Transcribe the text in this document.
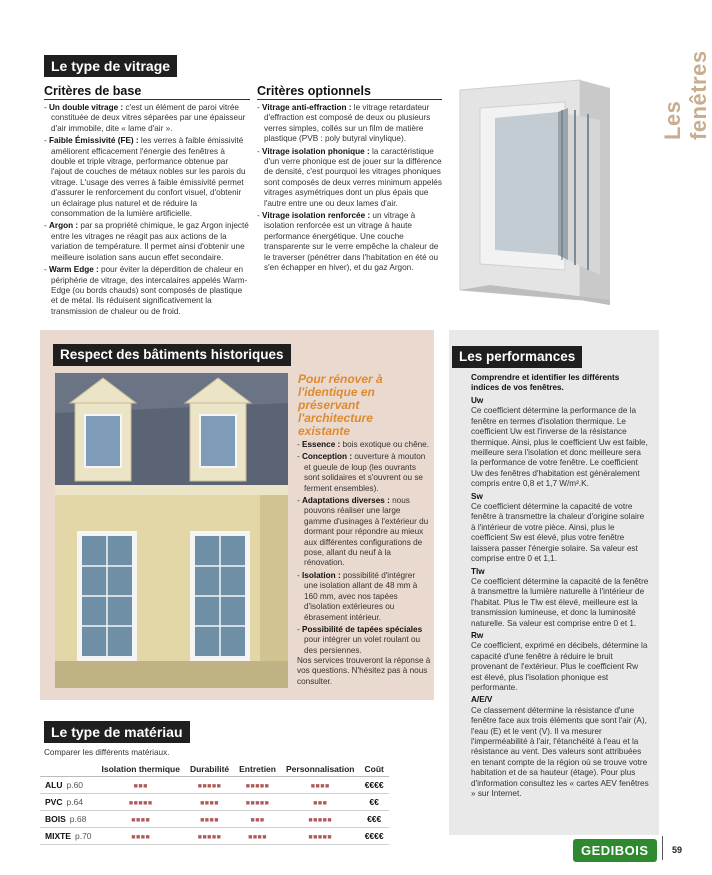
Les fenêtres
Le type de vitrage
Critères de base
- Un double vitrage : c'est un élément de paroi vitrée constituée de deux vitres séparées par une épaisseur d'air immobile, dite « lame d'air ».
- Faible Émissivité (FE) : les verres à faible émissivité améliorent efficacement l'énergie des fenêtres à double et triple vitrage, performance obtenue par l'ajout de couches de métaux nobles sur les parois du vitrage. L'usage des verres à faible émissivité permet d'assurer le renforcement du confort visuel, d'obtenir un éclairage plus naturel et de réduire la consommation de la lumière artificielle.
- Argon : par sa propriété chimique, le gaz Argon injecté entre les vitrages ne réagit pas aux actions de la variation de température. Il permet ainsi d'obtenir une meilleure isolation sans aucun effet secondaire.
- Warm Edge : pour éviter la déperdition de chaleur en périphérie de vitrage, des intercalaires appelés Warm-Edge (ou bords chauds) sont composés de plastique et de métal. Ils réduisent significativement la transmission de chaleur ou de froid.
Critères optionnels
- Vitrage anti-effraction : le vitrage retardateur d'effraction est composé de deux ou plusieurs verres simples, collés sur un film de matière plastique (PVB : poly butyral vinylique).
- Vitrage isolation phonique : la caractéristique d'un verre phonique est de jouer sur la différence de densité, c'est pourquoi les vitrages phoniques sont composés de deux verres minimum appelés vitrages asymétriques dont un plus épais que l'autre entre une ou deux lames d'air.
- Vitrage isolation renforcée : un vitrage à isolation renforcée est un vitrage à haute performance énergétique. Une couche transparente sur le verre empêche la chaleur de le traverser (pénétrer dans l'habitation en été ou s'en échapper en hiver), et du gaz Argon.
Respect des bâtiments historiques
Pour rénover à l'identique en préservant l'architecture existante
- Essence : bois exotique ou chêne.
- Conception : ouverture à mouton et gueule de loup (les ouvrants sont solidaires et s'ouvrent ou se ferment ensembles).
- Adaptations diverses : nous pouvons réaliser une large gamme d'usinages à l'extérieur du dormant pour répondre au mieux aux différentes configurations de pose, allant du neuf à la rénovation.
- Isolation : possibilité d'intégrer une isolation allant de 48 mm à 160 mm, avec nos tapées d'isolation extérieures ou ébrasement intérieur.
- Possibilité de tapées spéciales pour intégrer un volet roulant ou des persiennes.
Nos services trouveront la réponse à vos questions. N'hésitez pas à nous consulter.
Les performances
Comprendre et identifier les différents indices de vos fenêtres.
Uw
Ce coefficient détermine la performance de la fenêtre en termes d'isolation thermique. Le coefficient Uw est l'inverse de la résistance thermique. Ainsi, plus le coefficient Uw est faible, meilleure sera l'isolation et donc meilleure sera la performance de votre fenêtre. Le coefficient Uw des fenêtres d'habitation est généralement compris entre 0,8 et 1,7 W/m².K.
Sw
Ce coefficient détermine la capacité de votre fenêtre à transmettre la chaleur d'origine solaire à l'intérieur de votre pièce. Ainsi, plus le coefficient Sw est élevé, plus votre fenêtre laissera passer l'énergie solaire. Sa valeur est comprise entre 0 et 1,1.
Tlw
Ce coefficient détermine la capacité de la fenêtre à transmettre la lumière naturelle à l'intérieur de l'habitat. Plus le Tlw est élevé, meilleure est la transmission lumineuse, et donc la luminosité naturelle. Sa valeur est comprise entre 0 et 1.
Rw
Ce coefficient, exprimé en décibels, détermine la capacité d'une fenêtre à réduire le bruit provenant de l'extérieur. Plus le coefficient Rw est élevé, plus l'isolation phonique est performante.
A/E/V
Ce classement détermine la résistance d'une fenêtre face aux trois éléments que sont l'air (A), l'eau (E) et le vent (V). Il va mesurer l'imperméabilité à l'air, l'étanchéité à l'eau et la résistance au vent. Des valeurs sont attribuées en tenant compte de la région où se trouve votre habitation et de sa hauteur (étage). Pour plus d'information consultez les « cartes AEV fenêtres » sur Internet.
Le type de matériau
Comparer les différents matériaux.
	Isolation thermique	Durabilité	Entretien	Personnalisation	Coût
ALU p.60	■■■	■■■■■	■■■■■	■■■■	€€€€
PVC p.64	■■■■■	■■■■	■■■■■	■■■	€€
BOIS p.68	■■■■	■■■■	■■■	■■■■■	€€€
MIXTE p.70	■■■■	■■■■■	■■■■	■■■■■	€€€€
GEDIBOIS	59
